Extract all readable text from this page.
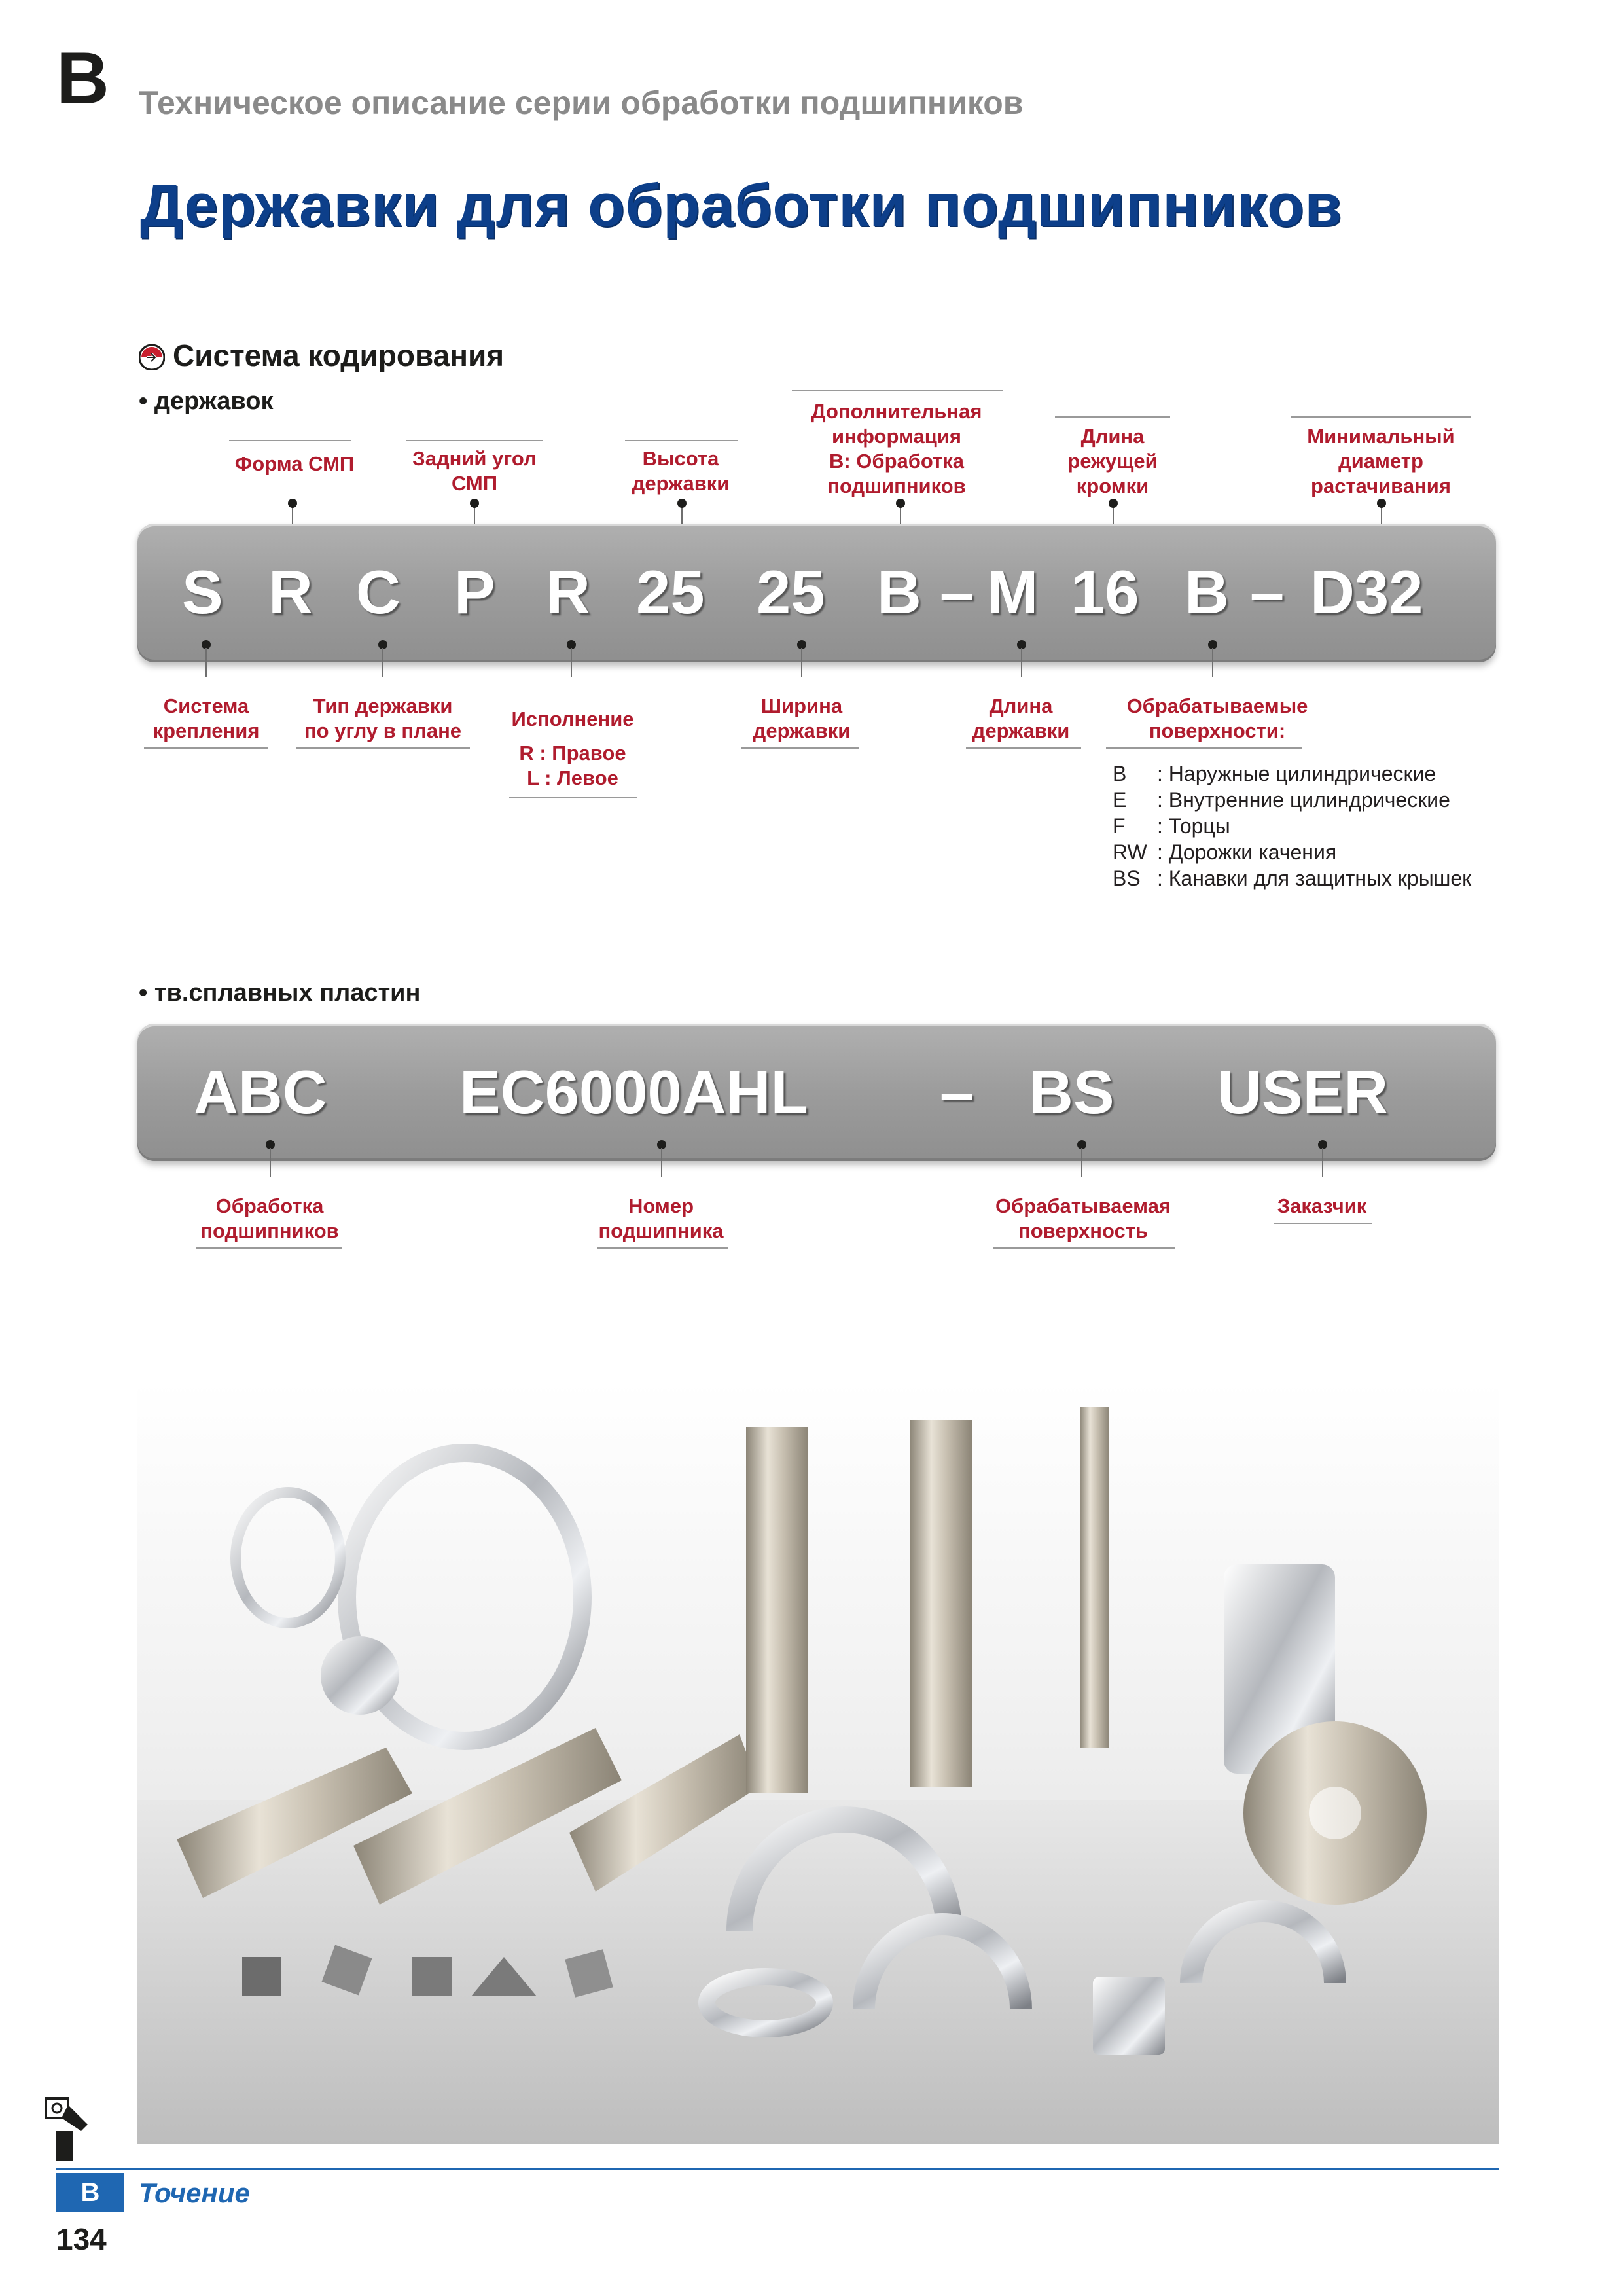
B Техническое описание серии обработки подшипников
Державки для обработки подшипников
Система кодирования
• державок
Форма СМП	Задний угол
СМП
Высота
державки
Дополнительная
информация
B: Обработка
подшипников
Длина
режущей
кромки
Минимальный
диаметр
растачивания
S R C P R 25 25 B – M 16 B – D32
Система
крепления
Тип державки
по углу в плане
Исполнение
R : Правое
L : Левое
Ширина
державки
Длина
державки
Обрабатываемые
поверхности:
B : Наружные цилиндрические
E : Внутренние цилиндрические
F : Торцы
RW : Дорожки качения
BS : Канавки для защитных крышек
• тв.сплавных пластин
ABC EC6000AHL – BS USER
Обработка
подшипников
Номер
подшипника
Обрабатываемая
поверхность
Заказчик
B	Точение
134
